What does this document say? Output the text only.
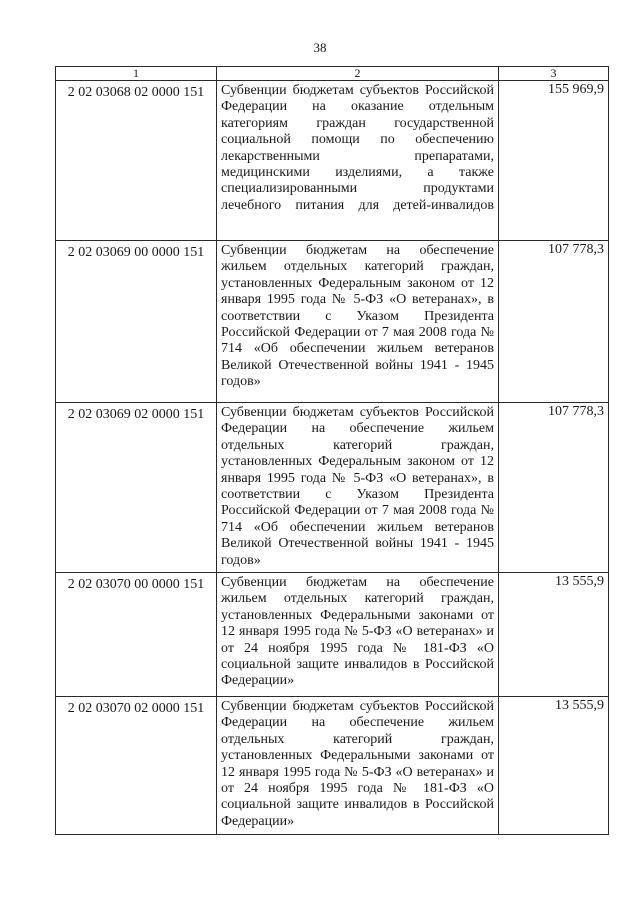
38
1	2	3
2 02 03068 02 0000 151	Субвенции бюджетам субъектов Российской Федерации на оказание отдельным категориям граждан государственной социальной помощи по обеспечению лекарственными препаратами, медицинскими изделиями, а также специализированными продуктами лечебного питания для детей-инвалидов	155 969,9
2 02 03069 00 0000 151	Субвенции бюджетам на обеспечение жильем отдельных категорий граждан, установленных Федеральным законом от 12 января 1995 года № 5-ФЗ «О ветеранах», в соответствии с Указом Президента Российской Федерации от 7 мая 2008 года № 714 «Об обеспечении жильем ветеранов Великой Отечественной войны 1941 - 1945 годов»	107 778,3
2 02 03069 02 0000 151	Субвенции бюджетам субъектов Российской Федерации на обеспечение жильем отдельных категорий граждан, установленных Федеральным законом от 12 января 1995 года № 5-ФЗ «О ветеранах», в соответствии с Указом Президента Российской Федерации от 7 мая 2008 года № 714 «Об обеспечении жильем ветеранов Великой Отечественной войны 1941 - 1945 годов»	107 778,3
2 02 03070 00 0000 151	Субвенции бюджетам на обеспечение жильем отдельных категорий граждан, установленных Федеральными законами от 12 января 1995 года № 5-ФЗ «О ветеранах» и от 24 ноября 1995 года № 181-ФЗ «О социальной защите инвалидов в Российской Федерации»	13 555,9
2 02 03070 02 0000 151	Субвенции бюджетам субъектов Российской Федерации на обеспечение жильем отдельных категорий граждан, установленных Федеральными законами от 12 января 1995 года № 5-ФЗ «О ветеранах» и от 24 ноября 1995 года № 181-ФЗ «О социальной защите инвалидов в Российской Федерации»	13 555,9
